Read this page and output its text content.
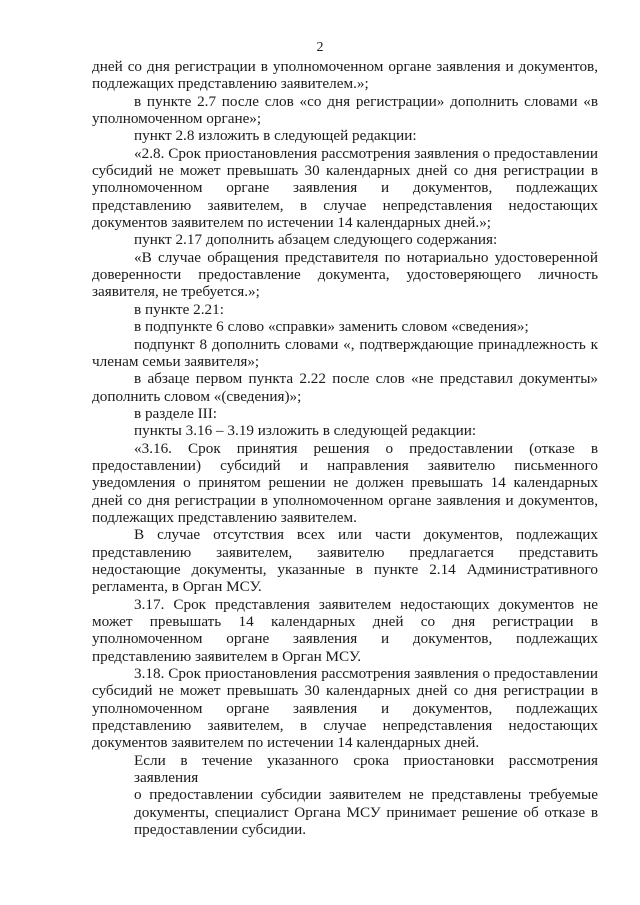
2

дней со дня регистрации в уполномоченном органе заявления и документов, подлежащих представлению заявителем.»;

в пункте 2.7 после слов «со дня регистрации» дополнить словами «в уполномоченном органе»;

пункт 2.8 изложить в следующей редакции:

«2.8. Срок приостановления рассмотрения заявления о предоставлении субсидий не может превышать 30 календарных дней со дня регистрации в уполномоченном органе заявления и документов, подлежащих представлению заявителем, в случае непредставления недостающих документов заявителем по истечении 14 календарных дней.»;

пункт 2.17 дополнить абзацем следующего содержания:

«В случае обращения представителя по нотариально удостоверенной доверенности предоставление документа, удостоверяющего личность заявителя, не требуется.»;

в пункте 2.21:

в подпункте 6 слово «справки» заменить словом «сведения»;

подпункт 8 дополнить словами «, подтверждающие принадлежность к членам семьи заявителя»;

в абзаце первом пункта 2.22 после слов «не представил документы» дополнить словом «(сведения)»;

в разделе III:

пункты 3.16 – 3.19 изложить в следующей редакции:

«3.16. Срок принятия решения о предоставлении (отказе в предоставлении) субсидий и направления заявителю письменного уведомления о принятом решении не должен превышать 14 календарных дней со дня регистрации в уполномоченном органе заявления и документов, подлежащих представлению заявителем.

В случае отсутствия всех или части документов, подлежащих представлению заявителем, заявителю предлагается представить недостающие документы, указанные в пункте 2.14 Административного регламента, в Орган МСУ.

3.17. Срок представления заявителем недостающих документов не может превышать 14 календарных дней со дня регистрации в уполномоченном органе заявления и документов, подлежащих представлению заявителем в Орган МСУ.

3.18. Срок приостановления рассмотрения заявления о предоставлении субсидий не может превышать 30 календарных дней со дня регистрации в уполномоченном органе заявления и документов, подлежащих представлению заявителем, в случае непредставления недостающих документов заявителем по истечении 14 календарных дней.

Если в течение указанного срока приостановки рассмотрения заявления
о предоставлении субсидии заявителем не представлены требуемые
документы, специалист Органа МСУ принимает решение об отказе в
предоставлении субсидии.
